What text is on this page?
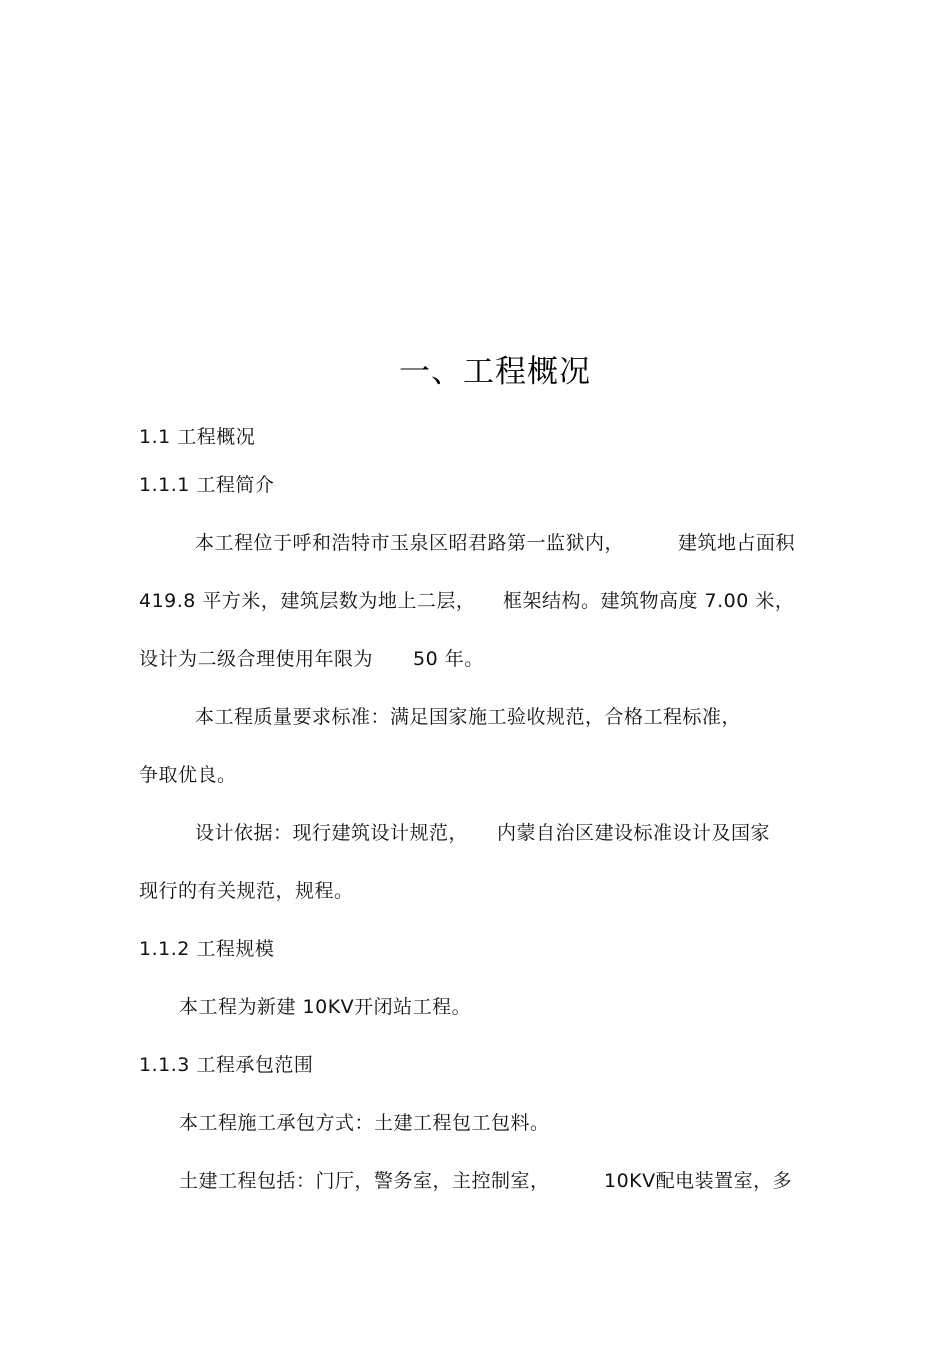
一、工程概况
1.1 工程概况
1.1.1 工程简介
本工程位于呼和浩特市玉泉区昭君路第一监狱内，	建筑地占面积
419.8 平方米，建筑层数为地上二层， 框架结构。建筑物高度 7.00 米，
设计为二级合理使用年限为 50 年。
本工程质量要求标准：满足国家施工验收规范，合格工程标准，
争取优良。
设计依据：现行建筑设计规范， 内蒙自治区建设标准设计及国家
现行的有关规范，规程。
1.1.2 工程规模
本工程为新建 10KV开闭站工程。
1.1.3 工程承包范围
本工程施工承包方式：土建工程包工包料。
土建工程包括：门厅，警务室，主控制室，	10KV配电装置室，多
